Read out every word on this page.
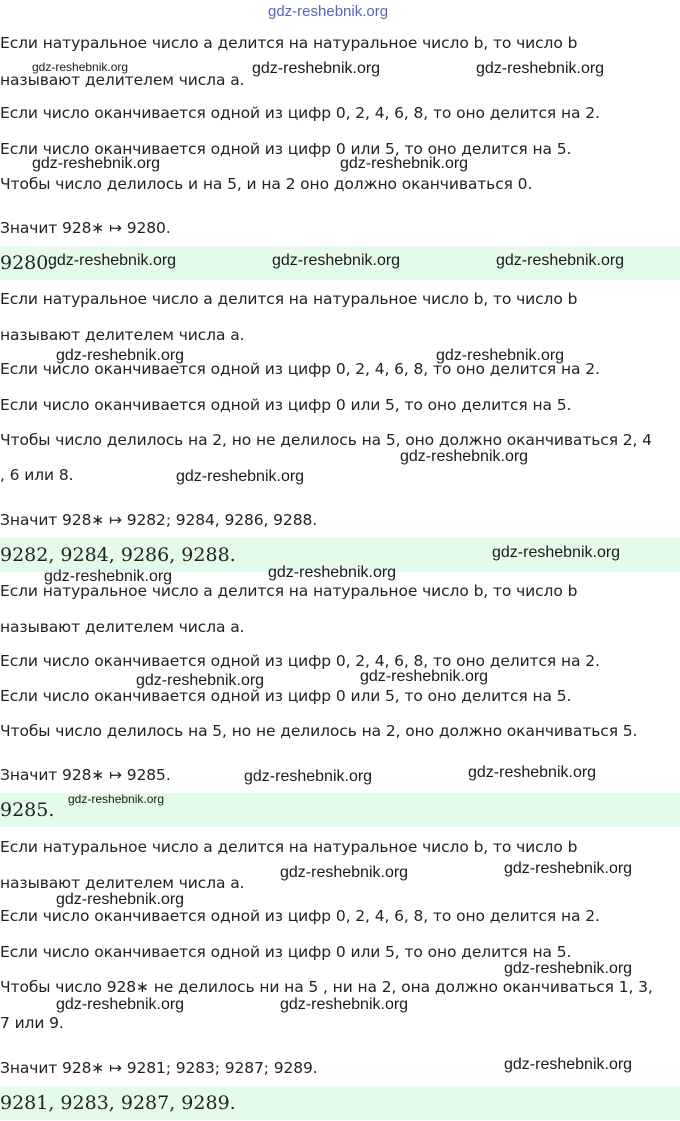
gdz-reshebnik.org
Если натуральное число a делится на натуральное число b, то число b
называют делителем числа a.
Если число оканчивается одной из цифр 0, 2, 4, 6, 8, то оно делится на 2.
Если число оканчивается одной из цифр 0 или 5, то оно делится на 5.
Чтобы число делилось и на 5, и на 2 оно должно оканчиваться 0.
Значит 928∗ ↦ 9280.
9280.
Если натуральное число a делится на натуральное число b, то число b
называют делителем числа a.
Если число оканчивается одной из цифр 0, 2, 4, 6, 8, то оно делится на 2.
Если число оканчивается одной из цифр 0 или 5, то оно делится на 5.
Чтобы число делилось на 2, но не делилось на 5, оно должно оканчиваться 2, 4
, 6 или 8.
Значит 928∗ ↦ 9282; 9284, 9286, 9288.
9282, 9284, 9286, 9288.
Если натуральное число a делится на натуральное число b, то число b
называют делителем числа a.
Если число оканчивается одной из цифр 0, 2, 4, 6, 8, то оно делится на 2.
Если число оканчивается одной из цифр 0 или 5, то оно делится на 5.
Чтобы число делилось на 5, но не делилось на 2, оно должно оканчиваться 5.
Значит 928∗ ↦ 9285.
9285.
Если натуральное число a делится на натуральное число b, то число b
называют делителем числа a.
Если число оканчивается одной из цифр 0, 2, 4, 6, 8, то оно делится на 2.
Если число оканчивается одной из цифр 0 или 5, то оно делится на 5.
Чтобы число 928∗ не делилось ни на 5 , ни на 2, она должно оканчиваться 1, 3,
7 или 9.
Значит 928∗ ↦ 9281; 9283; 9287; 9289.
9281, 9283, 9287, 9289.
gdz-reshebnik.org	gdz-reshebnik.org	gdz-reshebnik.org
gdz-reshebnik.org	gdz-reshebnik.org
gdz-reshebnik.org	gdz-reshebnik.org	gdz-reshebnik.org
gdz-reshebnik.org	gdz-reshebnik.org
gdz-reshebnik.org
gdz-reshebnik.org
gdz-reshebnik.org
gdz-reshebnik.org	gdz-reshebnik.org
gdz-reshebnik.org
gdz-reshebnik.org
gdz-reshebnik.org	gdz-reshebnik.org
gdz-reshebnik.org
gdz-reshebnik.org
gdz-reshebnik.org
gdz-reshebnik.org
gdz-reshebnik.org
gdz-reshebnik.org	gdz-reshebnik.org
gdz-reshebnik.org
